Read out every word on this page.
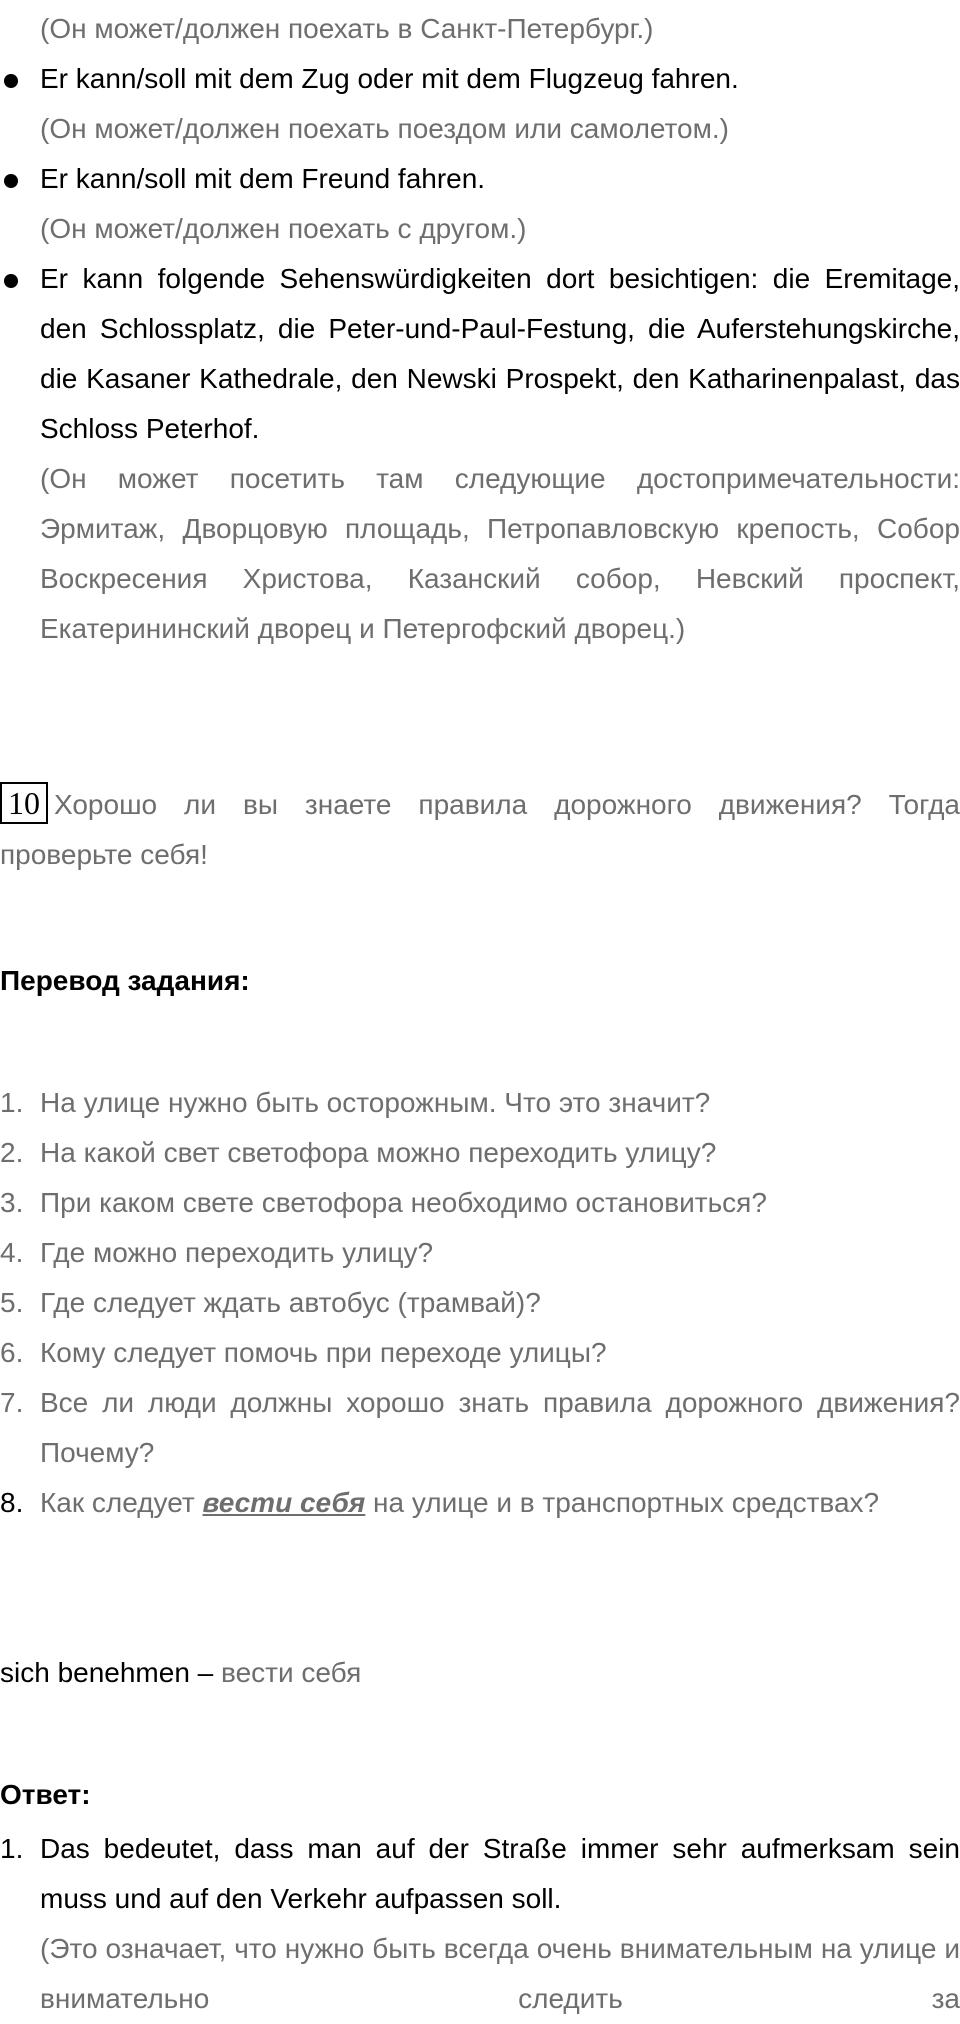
(Он может/должен поехать в Санкт-Петербург.)
Er kann/soll mit dem Zug oder mit dem Flugzeug fahren.
(Он может/должен поехать поездом или самолетом.)
Er kann/soll mit dem Freund fahren.
(Он может/должен поехать с другом.)
Er kann folgende Sehenswürdigkeiten dort besichtigen: die Eremitage, den Schlossplatz, die Peter-und-Paul-Festung, die Auferstehungskirche, die Kasaner Kathedrale, den Newski Prospekt, den Katharinenpalast, das Schloss Peterhof.
(Он может посетить там следующие достопримечательности: Эрмитаж, Дворцовую площадь, Петропавловскую крепость, Собор Воскресения Христова, Казанский собор, Невский проспект, Екатерининский дворец и Петергофский дворец.)
10 Хорошо ли вы знаете правила дорожного движения? Тогда проверьте себя!
Перевод задания:
1. На улице нужно быть осторожным. Что это значит?
2. На какой свет светофора можно переходить улицу?
3. При каком свете светофора необходимо остановиться?
4. Где можно переходить улицу?
5. Где следует ждать автобус (трамвай)?
6. Кому следует помочь при переходе улицы?
7. Все ли люди должны хорошо знать правила дорожного движения? Почему?
8. Как следует вести себя на улице и в транспортных средствах?
sich benehmen – вести себя
Ответ:
1. Das bedeutet, dass man auf der Straße immer sehr aufmerksam sein muss und auf den Verkehr aufpassen soll.
(Это означает, что нужно быть всегда очень внимательным на улице и внимательно следить за
